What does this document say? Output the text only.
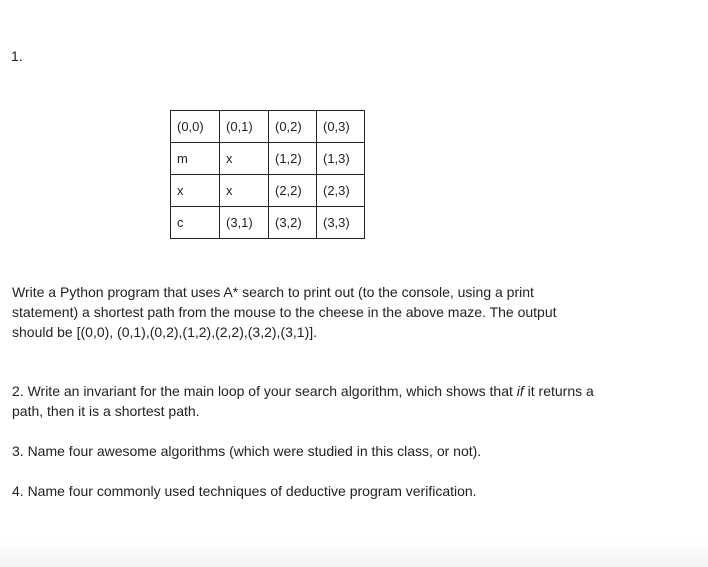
1.
(0,0)	(0,1)	(0,2)	(0,3)
m	x	(1,2)	(1,3)
x	x	(2,2)	(2,3)
c	(3,1)	(3,2)	(3,3)

Write a Python program that uses A* search to print out (to the console, using a print
statement) a shortest path from the mouse to the cheese in the above maze. The output
should be [(0,0), (0,1),(0,2),(1,2),(2,2),(3,2),(3,1)].

2. Write an invariant for the main loop of your search algorithm, which shows that if it returns a
path, then it is a shortest path.

3. Name four awesome algorithms (which were studied in this class, or not).

4. Name four commonly used techniques of deductive program verification.
